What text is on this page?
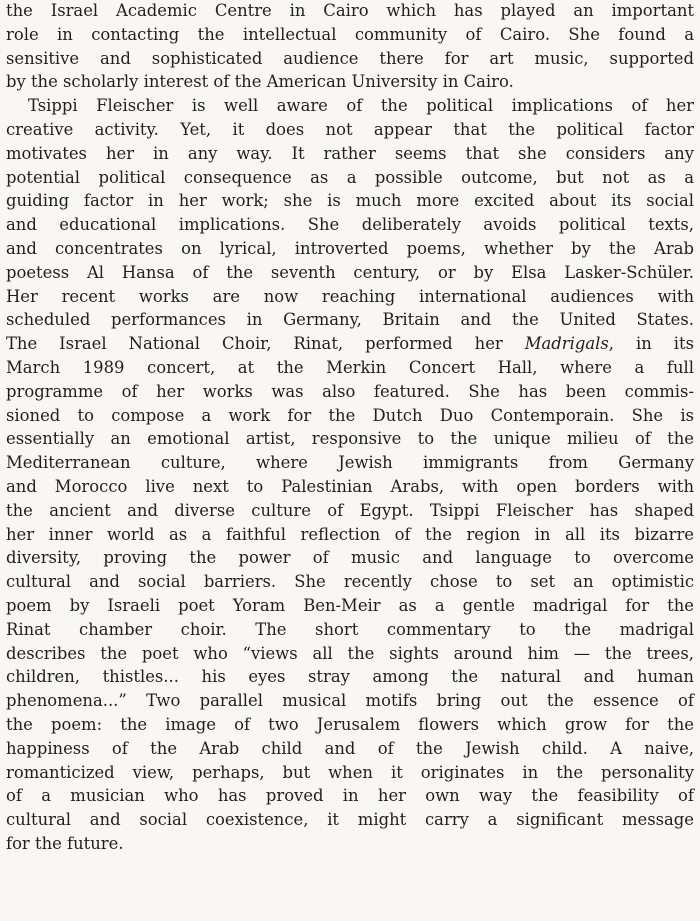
the Israel Academic Centre in Cairo which has played an important
role in contacting the intellectual community of Cairo. She found a
sensitive and sophisticated audience there for art music, supported
by the scholarly interest of the American University in Cairo.
Tsippi Fleischer is well aware of the political implications of her
creative activity. Yet, it does not appear that the political factor
motivates her in any way. It rather seems that she considers any
potential political consequence as a possible outcome, but not as a
guiding factor in her work; she is much more excited about its social
and educational implications. She deliberately avoids political texts,
and concentrates on lyrical, introverted poems, whether by the Arab
poetess Al Hansa of the seventh century, or by Elsa Lasker-Schüler.
Her recent works are now reaching international audiences with
scheduled performances in Germany, Britain and the United States.
The Israel National Choir, Rinat, performed her Madrigals, in its
March 1989 concert, at the Merkin Concert Hall, where a full
programme of her works was also featured. She has been commis-
sioned to compose a work for the Dutch Duo Contemporain. She is
essentially an emotional artist, responsive to the unique milieu of the
Mediterranean culture, where Jewish immigrants from Germany
and Morocco live next to Palestinian Arabs, with open borders with
the ancient and diverse culture of Egypt. Tsippi Fleischer has shaped
her inner world as a faithful reflection of the region in all its bizarre
diversity, proving the power of music and language to overcome
cultural and social barriers. She recently chose to set an optimistic
poem by Israeli poet Yoram Ben-Meir as a gentle madrigal for the
Rinat chamber choir. The short commentary to the madrigal
describes the poet who “views all the sights around him — the trees,
children, thistles... his eyes stray among the natural and human
phenomena...” Two parallel musical motifs bring out the essence of
the poem: the image of two Jerusalem flowers which grow for the
happiness of the Arab child and of the Jewish child. A naive,
romanticized view, perhaps, but when it originates in the personality
of a musician who has proved in her own way the feasibility of
cultural and social coexistence, it might carry a significant message
for the future.
